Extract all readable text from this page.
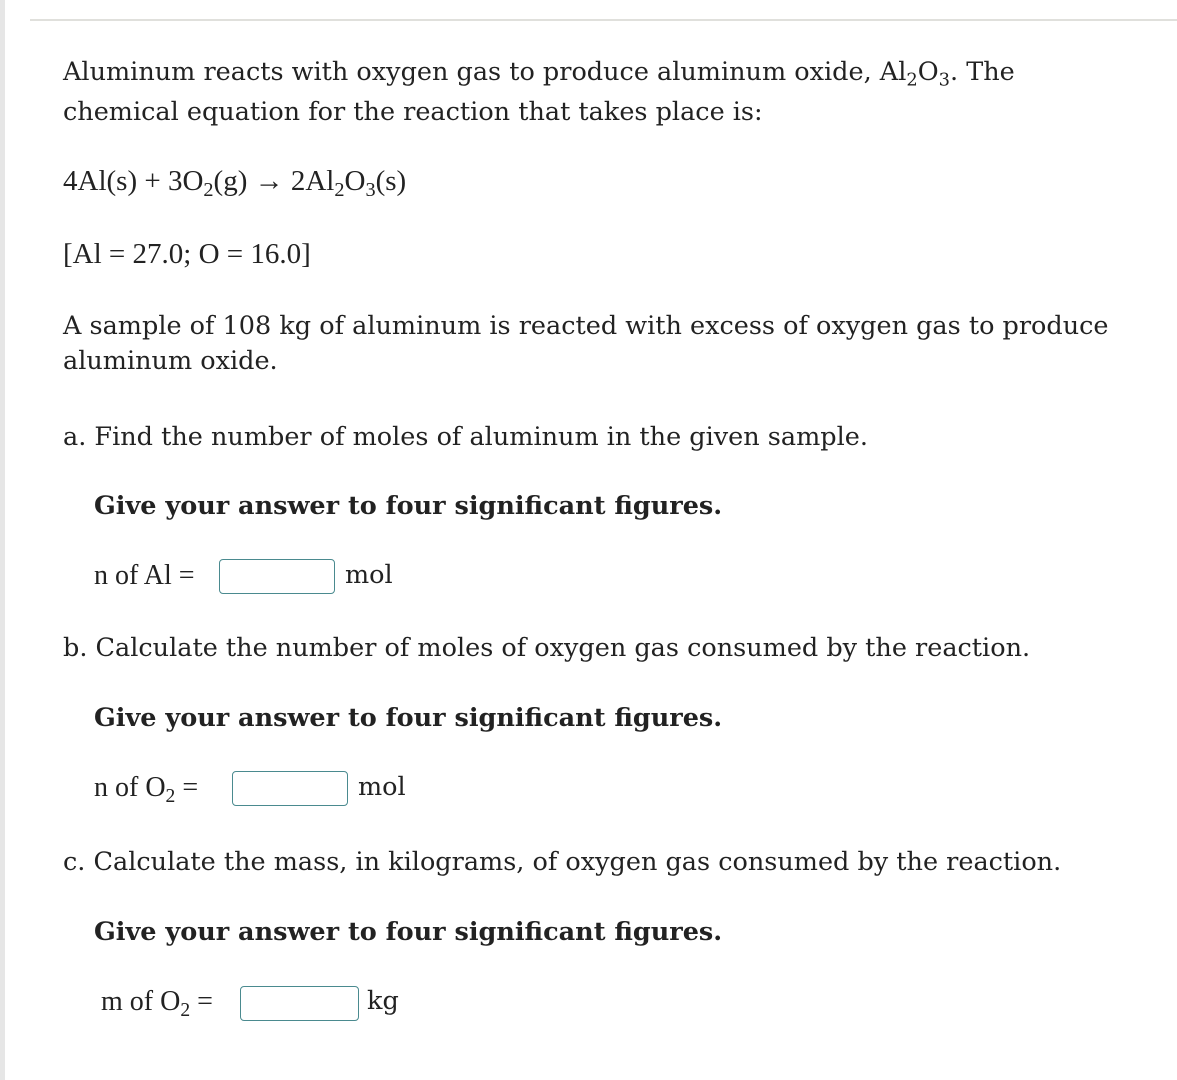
Aluminum reacts with oxygen gas to produce aluminum oxide, $Al_2O_3$. The
chemical equation for the reaction that takes place is:
$4Al(s) + 3O_2(g) \to 2Al_2O_3(s)$
[Al = 27.0; O = 16.0]
A sample of 108 kg of aluminum is reacted with excess of oxygen gas to produce
aluminum oxide.
a. Find the number of moles of aluminum in the given sample.
Give your answer to four significant figures.
n of Al =	mol
b. Calculate the number of moles of oxygen gas consumed by the reaction.
Give your answer to four significant figures.
n of $O_2$ =	mol
c. Calculate the mass, in kilograms, of oxygen gas consumed by the reaction.
Give your answer to four significant figures.
m of $O_2$ =	kg
